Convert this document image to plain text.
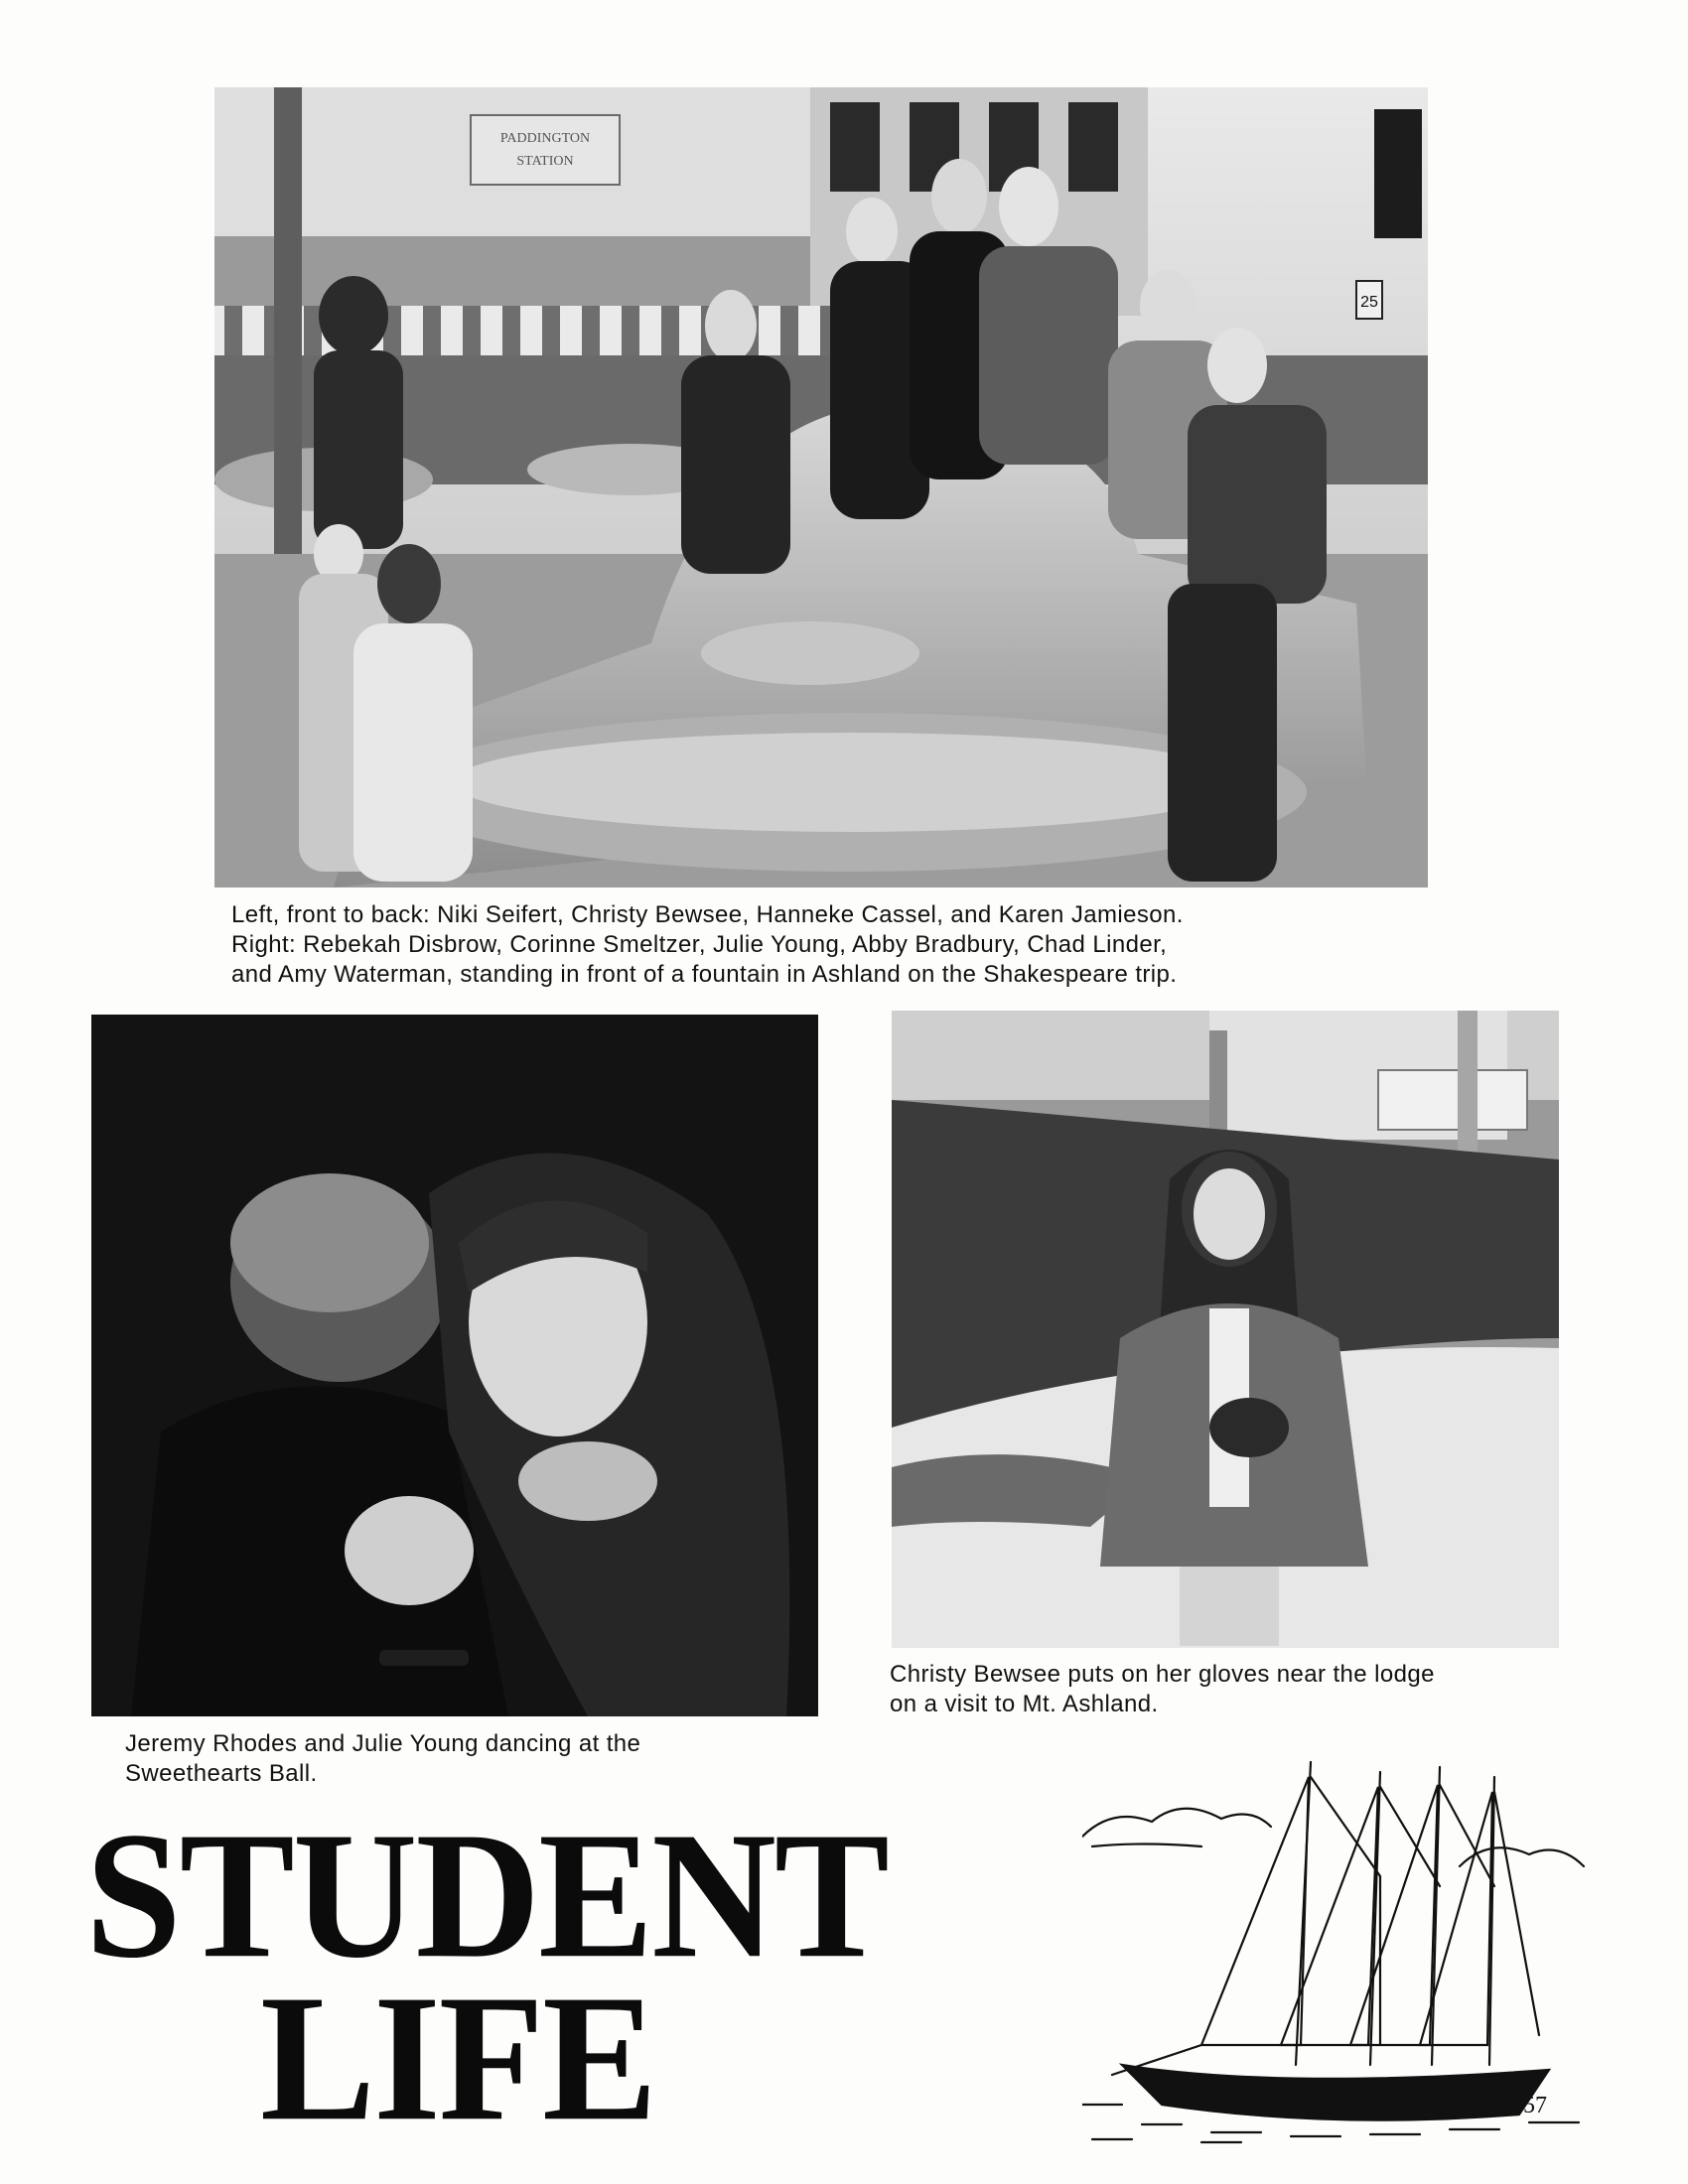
PADDINGTON
STATION
25
Left, front to back: Niki Seifert, Christy Bewsee, Hanneke Cassel, and Karen Jamieson.
Right: Rebekah Disbrow, Corinne Smeltzer, Julie Young, Abby Bradbury, Chad Linder,
and Amy Waterman, standing in front of a fountain in Ashland on the Shakespeare trip.
Jeremy Rhodes and Julie Young dancing at the
Sweethearts Ball.
Christy Bewsee puts on her gloves near the lodge
on a visit to Mt. Ashland.
STUDENT
LIFE	57
